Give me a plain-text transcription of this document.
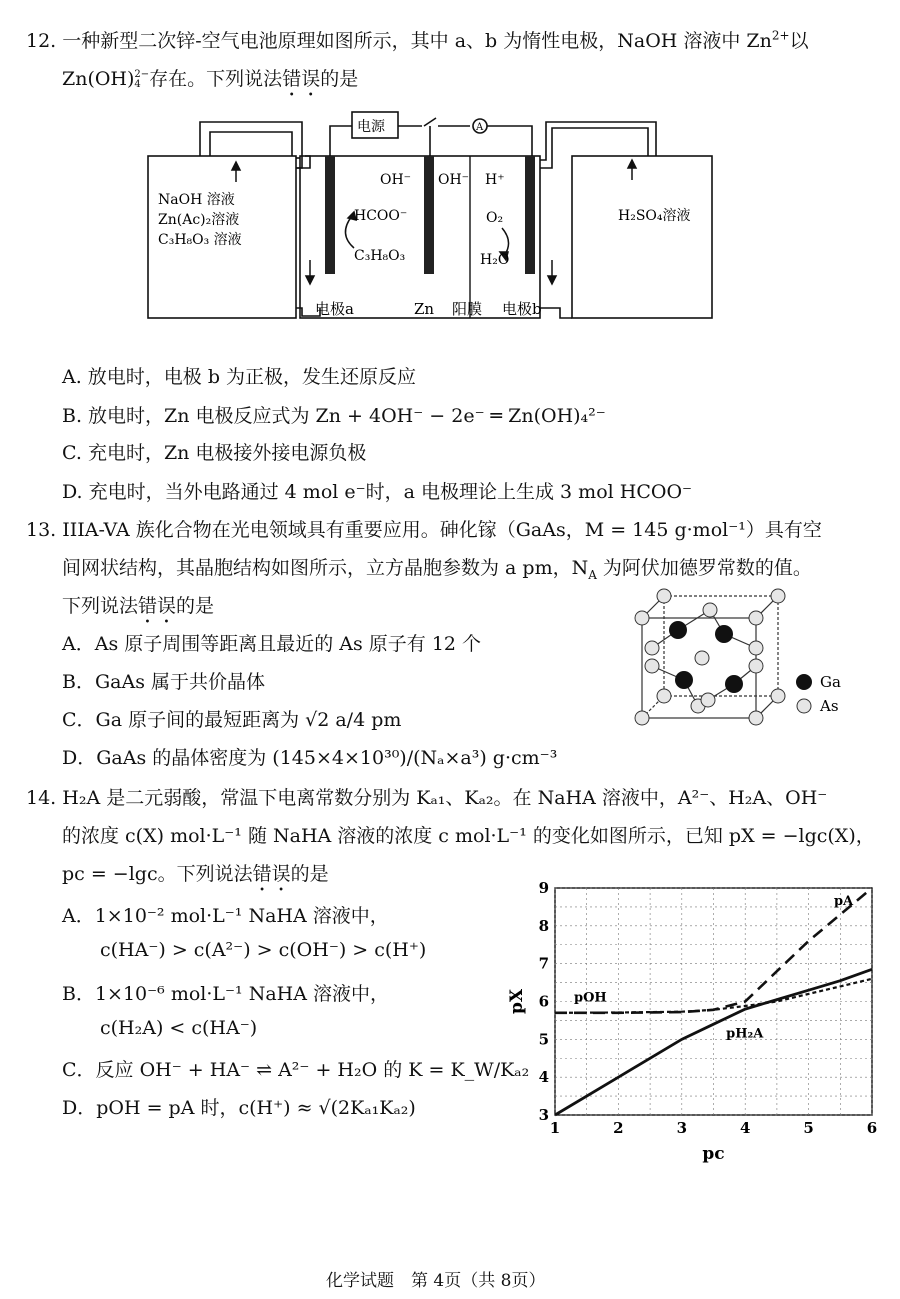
12. 一种新型二次锌-空气电池原理如图所示，其中 a、b 为惰性电极，NaOH 溶液中 $Zn^{2+}$以
Zn(OH) 2−
4 存在。下列说法错误的是
电源	A
NaOH 溶液
Zn(Ac)₂溶液
C₃H₈O₃ 溶液
H₂SO₄溶液
OH⁻ OH⁻ H⁺
HCOO⁻
C₃H₈O₃
O₂
H₂O
电极a	Zn 阳膜 电极b
A. 放电时，电极 b 为正极，发生还原反应
B. 放电时，Zn 电极反应式为 Zn + 4OH⁻ − 2e⁻ ═ Zn(OH)₄²⁻
C. 充电时，Zn 电极接外接电源负极
D. 充电时，当外电路通过 4 mol e⁻时，a 电极理论上生成 3 mol HCOO⁻
13. IIIA-VA 族化合物在光电领域具有重要应用。砷化镓（GaAs，M = 145 g·mol⁻¹）具有空
间网状结构，其晶胞结构如图所示，立方晶胞参数为 a pm，$N_A$ 为阿伏加德罗常数的值。
下列说法错误的是
A．As 原子周围等距离且最近的 As 原子有 12 个
B．GaAs 属于共价晶体
C．Ga 原子间的最短距离为 √2 a/4 pm
D．GaAs 的晶体密度为 (145×4×10³⁰)/(Nₐ×a³) g·cm⁻³
Ga
As
14. H₂A 是二元弱酸，常温下电离常数分别为 Kₐ₁、Kₐ₂。在 NaHA 溶液中，A²⁻、H₂A、OH⁻
的浓度 c(X) mol·L⁻¹ 随 NaHA 溶液的浓度 c mol·L⁻¹ 的变化如图所示，已知 pX = −lgc(X)，
pc = −lgc。下列说法错误的是
A．1×10⁻² mol·L⁻¹ NaHA 溶液中，
c(HA⁻) > c(A²⁻) > c(OH⁻) > c(H⁺)
B．1×10⁻⁶ mol·L⁻¹ NaHA 溶液中，
c(H₂A) < c(HA⁻)
C．反应 OH⁻ + HA⁻ ⇌ A²⁻ + H₂O 的 K = K_W/Kₐ₂
D．pOH = pA 时，c(H⁺) ≈ √(2Kₐ₁Kₐ₂)
1	2	3	4	5	6
3
4
5
6
7
8
9
pc
pX
pA
pOH
pH₂A
化学试题　第 4页（共 8页）
